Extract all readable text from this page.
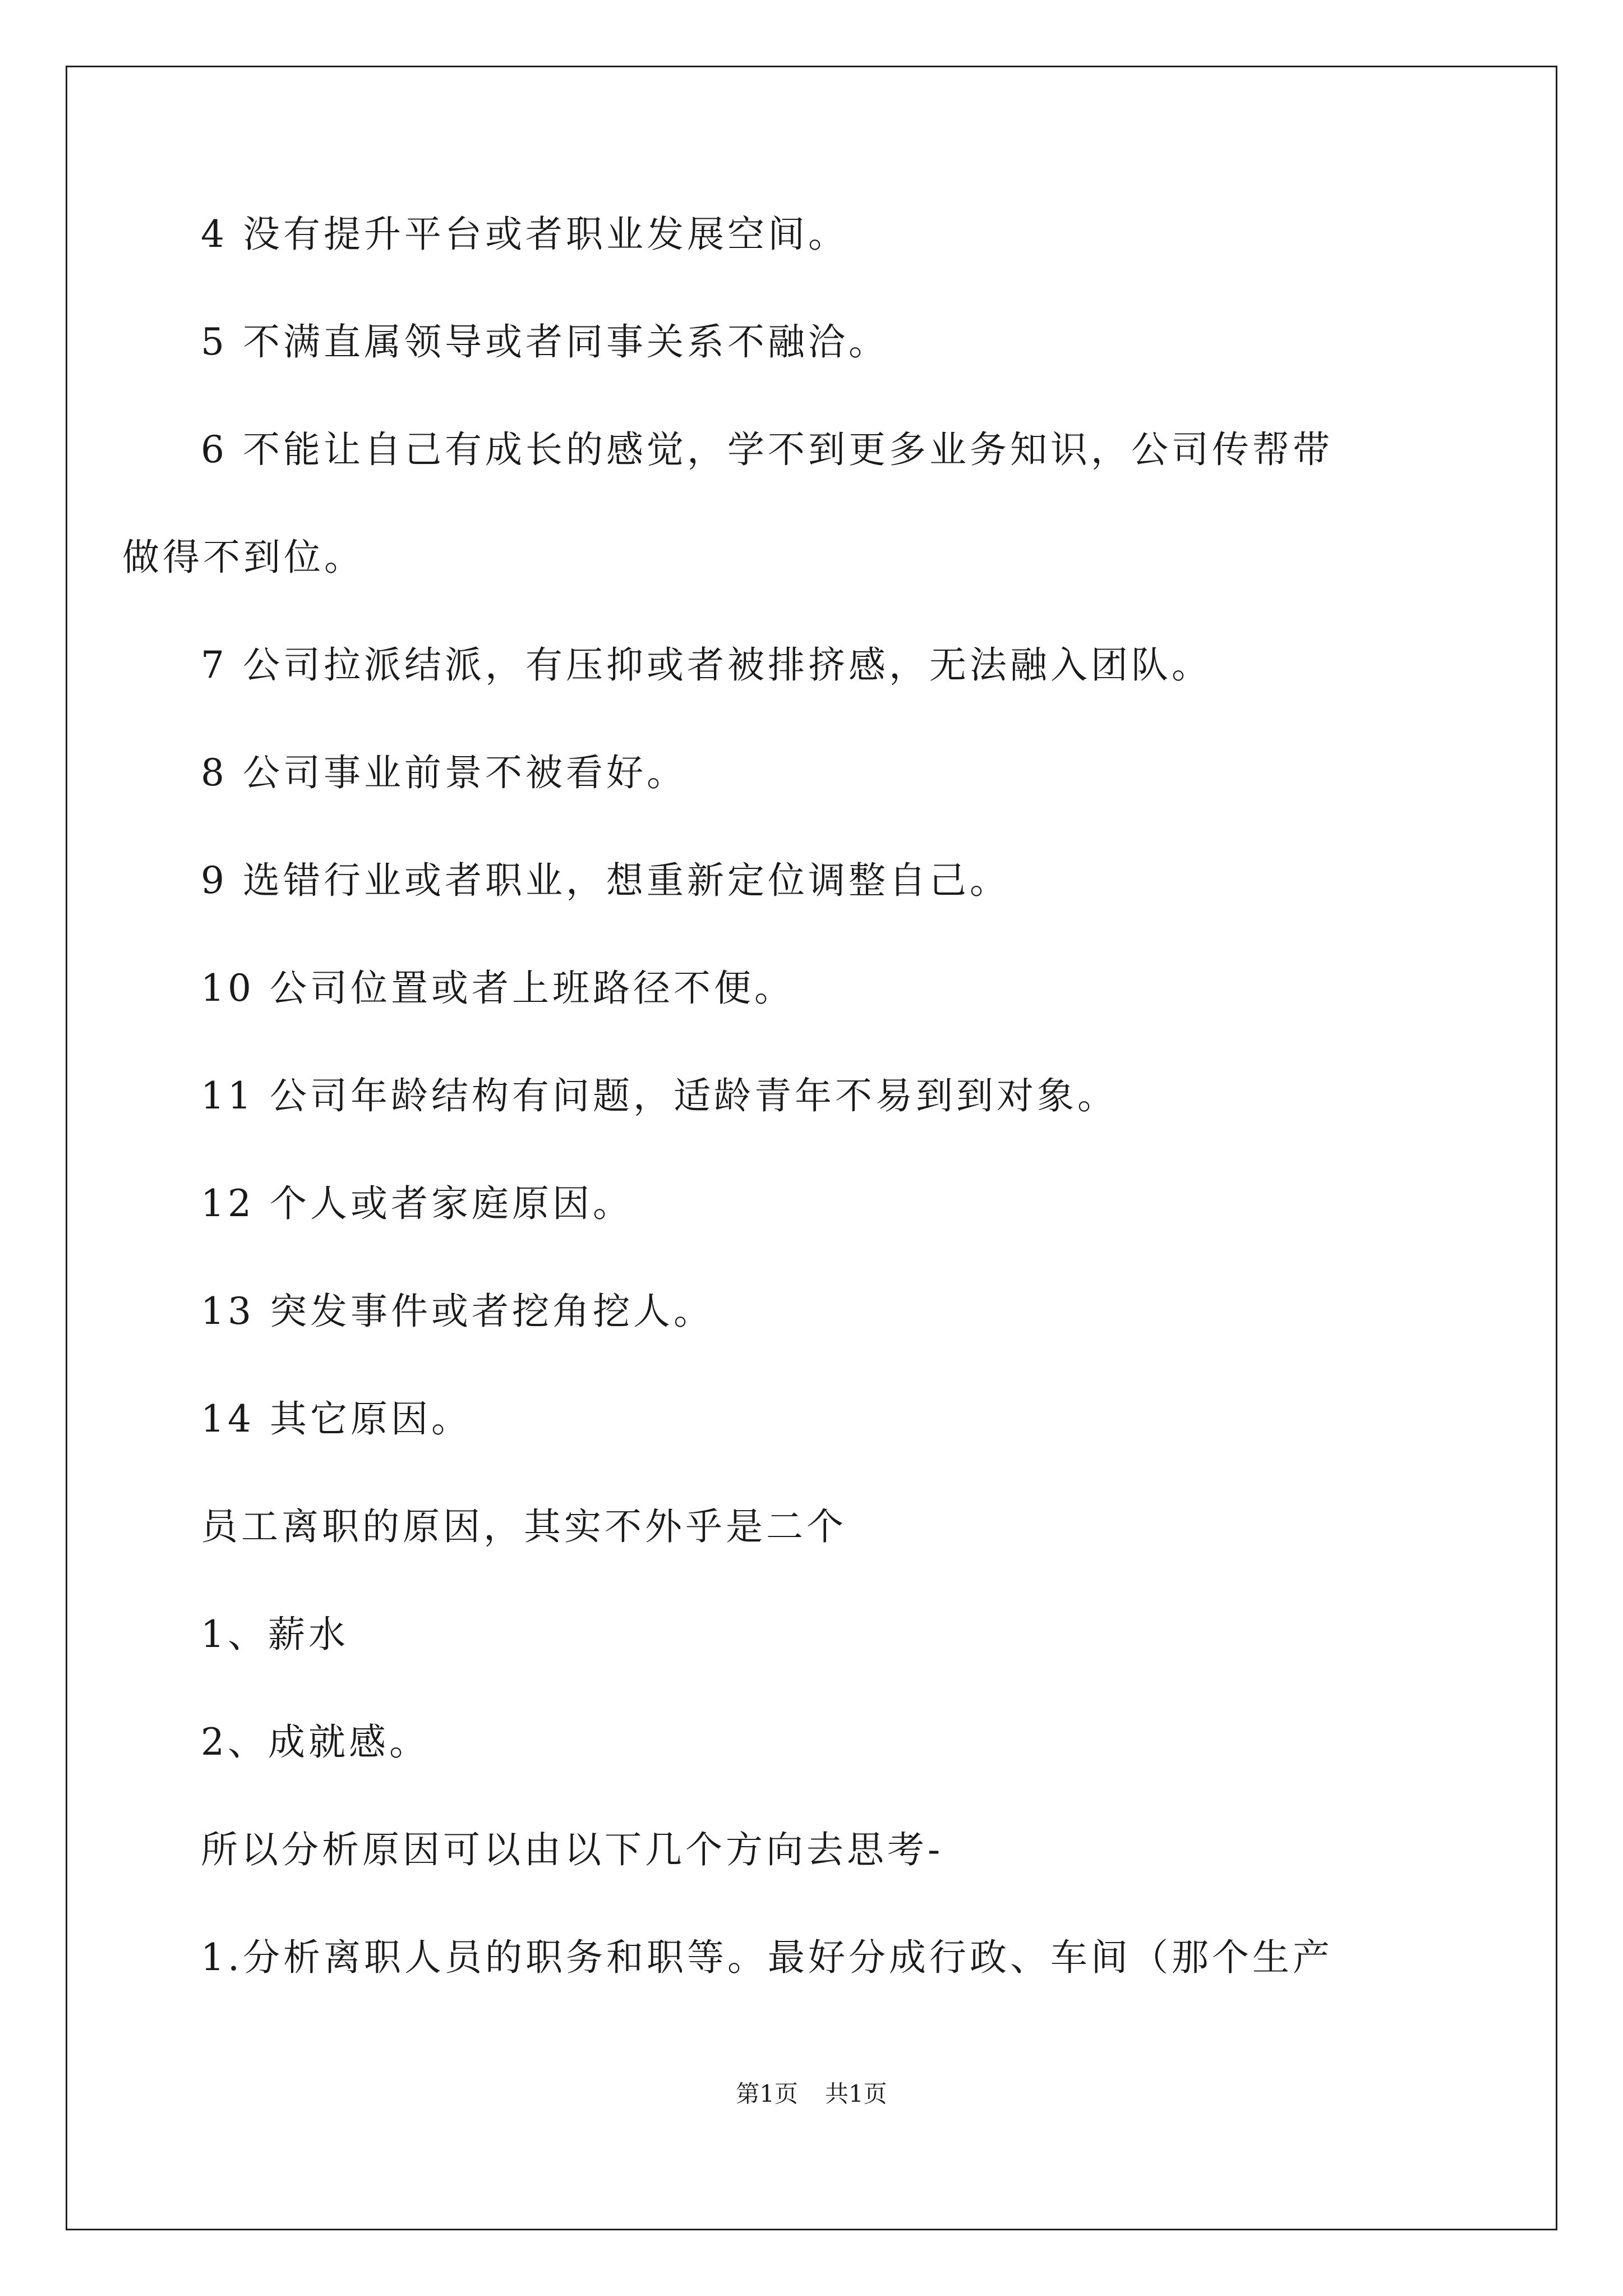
4 没有提升平台或者职业发展空间。

5 不满直属领导或者同事关系不融洽。

6 不能让自己有成长的感觉，学不到更多业务知识，公司传帮带
做得不到位。

7 公司拉派结派，有压抑或者被排挤感，无法融入团队。

8 公司事业前景不被看好。

9 选错行业或者职业，想重新定位调整自己。

10 公司位置或者上班路径不便。

11 公司年龄结构有问题，适龄青年不易到到对象。

12 个人或者家庭原因。

13 突发事件或者挖角挖人。

14 其它原因。

员工离职的原因，其实不外乎是二个

1、薪水

2、成就感。

所以分析原因可以由以下几个方向去思考-

1.分析离职人员的职务和职等。最好分成行政、车间（那个生产

第1页 共1页
